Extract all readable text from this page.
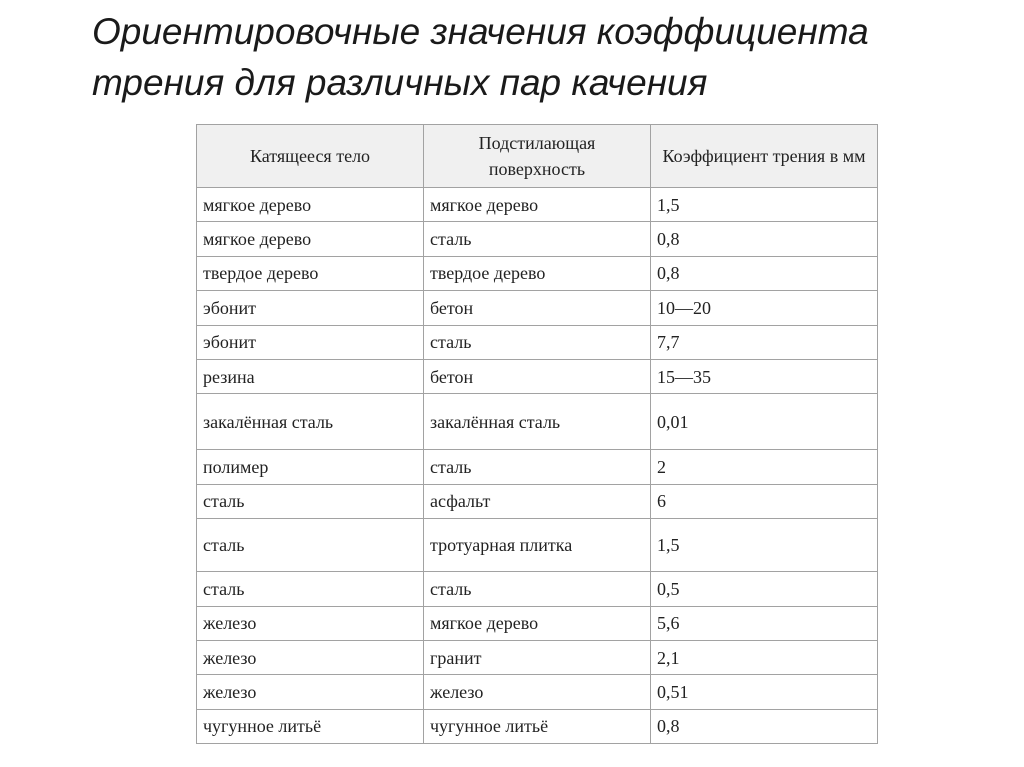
Ориентировочные значения коэффициента
трения для различных пар качения
Катящееся тело	Подстилающая поверхность	Коэффициент трения в мм
мягкое дерево	мягкое дерево	1,5
мягкое дерево	сталь	0,8
твердое дерево	твердое дерево	0,8
эбонит	бетон	10—20
эбонит	сталь	7,7
резина	бетон	15—35
закалённая сталь	закалённая сталь	0,01
полимер	сталь	2
сталь	асфальт	6
сталь	тротуарная плитка	1,5
сталь	сталь	0,5
железо	мягкое дерево	5,6
железо	гранит	2,1
железо	железо	0,51
чугунное литьё	чугунное литьё	0,8
